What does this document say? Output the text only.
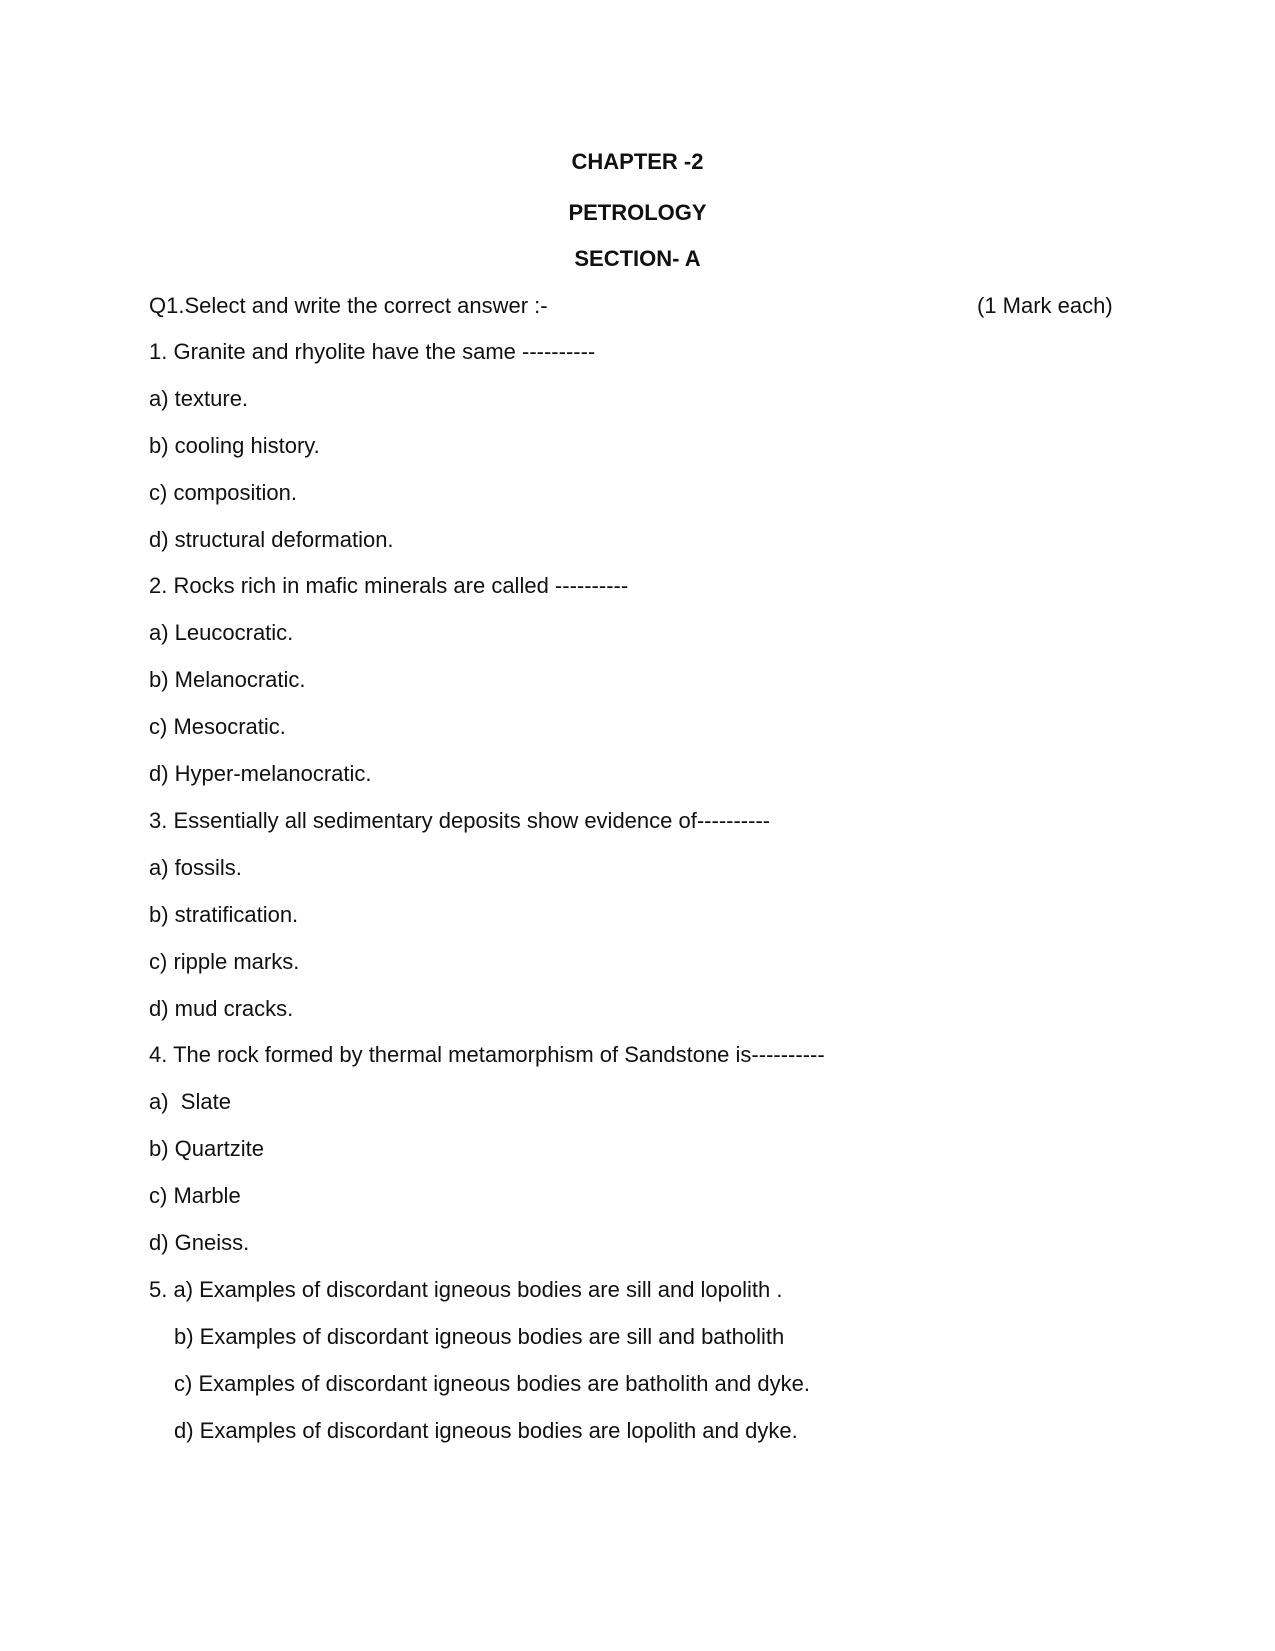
CHAPTER -2
PETROLOGY
SECTION- A
Q1.Select and write the correct answer :-	(1 Mark each)
1. Granite and rhyolite have the same ----------
a) texture.
b) cooling history.
c) composition.
d) structural deformation.
2. Rocks rich in mafic minerals are called ----------
a) Leucocratic.
b) Melanocratic.
c) Mesocratic.
d) Hyper-melanocratic.
3. Essentially all sedimentary deposits show evidence of----------
a) fossils.
b) stratification.
c) ripple marks.
d) mud cracks.
4. The rock formed by thermal metamorphism of Sandstone is----------
a)  Slate
b) Quartzite
c) Marble
d) Gneiss.
5. a) Examples of discordant igneous bodies are sill and lopolith .
b) Examples of discordant igneous bodies are sill and batholith
c) Examples of discordant igneous bodies are batholith and dyke.
d) Examples of discordant igneous bodies are lopolith and dyke.
